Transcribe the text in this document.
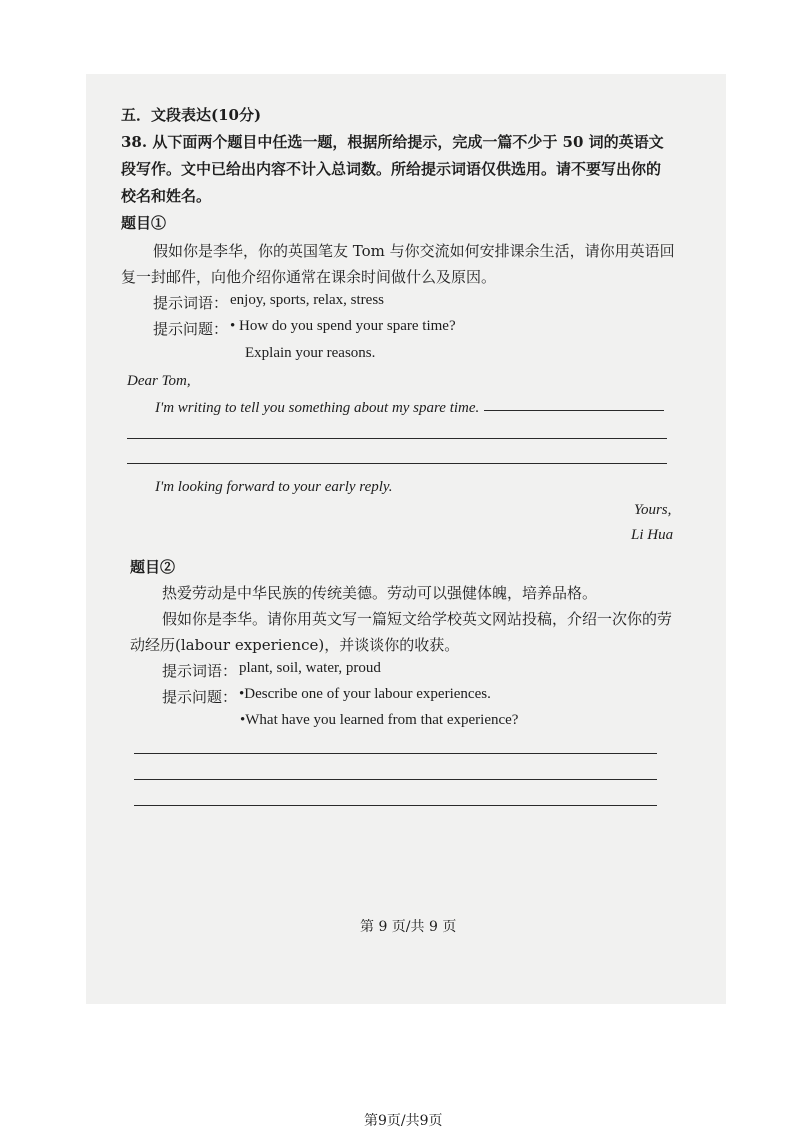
五．文段表达(10分)
38. 从下面两个题目中任选一题，根据所给提示，完成一篇不少于 50 词的英语文
段写作。文中已给出内容不计入总词数。所给提示词语仅供选用。请不要写出你的
校名和姓名。
题目①
假如你是李华，你的英国笔友 Tom 与你交流如何安排课余生活，请你用英语回
复一封邮件，向他介绍你通常在课余时间做什么及原因。
提示词语： enjoy, sports, relax, stress
提示问题： • How do you spend your spare time?
Explain your reasons.
Dear Tom,
I'm writing to tell you something about my spare time.
I'm looking forward to your early reply.
Yours,
Li Hua
题目②
热爱劳动是中华民族的传统美德。劳动可以强健体魄，培养品格。
假如你是李华。请你用英文写一篇短文给学校英文网站投稿，介绍一次你的劳
动经历(labour experience)，并谈谈你的收获。
提示词语： plant, soil, water, proud
提示问题： •Describe one of your labour experiences.
•What have you learned from that experience?
第 9 页/共 9 页
第9页/共9页
